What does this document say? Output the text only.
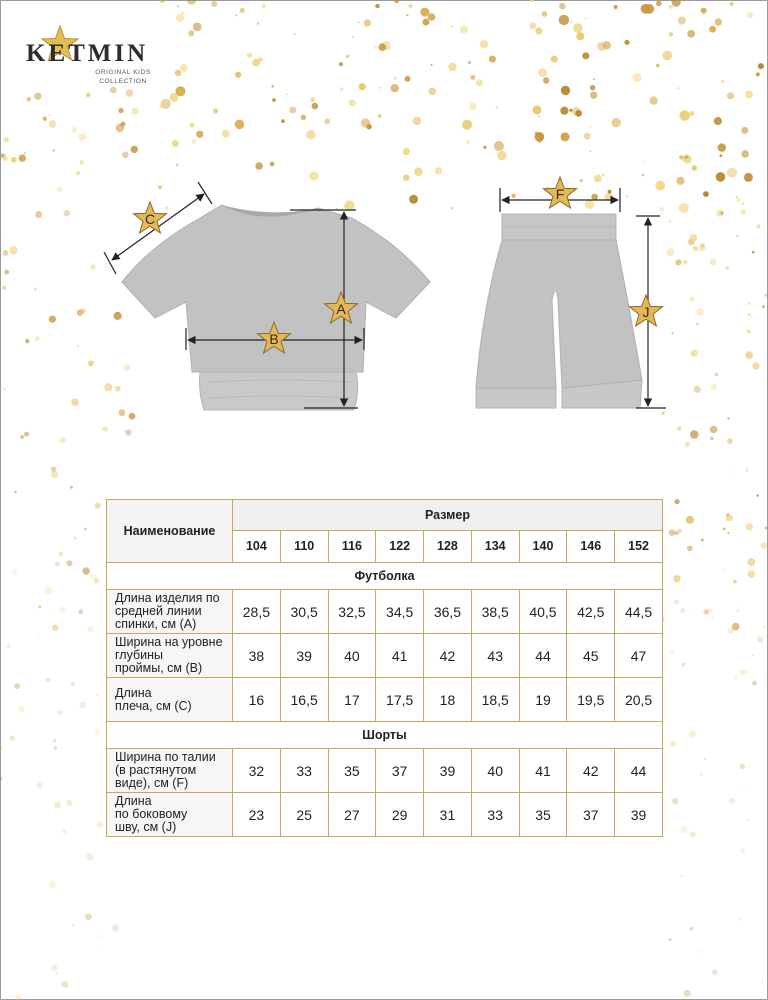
KETMIN
ORIGINAL KIDS
COLLECTION
C
A
B
F
J
Наименование	Размер								
	104	110	116	122	128	134	140	146	152
Футболка									
Длина изделия по
средней линии
спинки, см (А)	28,5	30,5	32,5	34,5	36,5	38,5	40,5	42,5	44,5
Ширина на уровне
глубины
проймы, см (В)	38	39	40	41	42	43	44	45	47
Длина
плеча, см (С)	16	16,5	17	17,5	18	18,5	19	19,5	20,5
Шорты									
Ширина по талии
(в растянутом
виде), см (F)	32	33	35	37	39	40	41	42	44
Длина
по боковому
шву, см (J)	23	25	27	29	31	33	35	37	39
